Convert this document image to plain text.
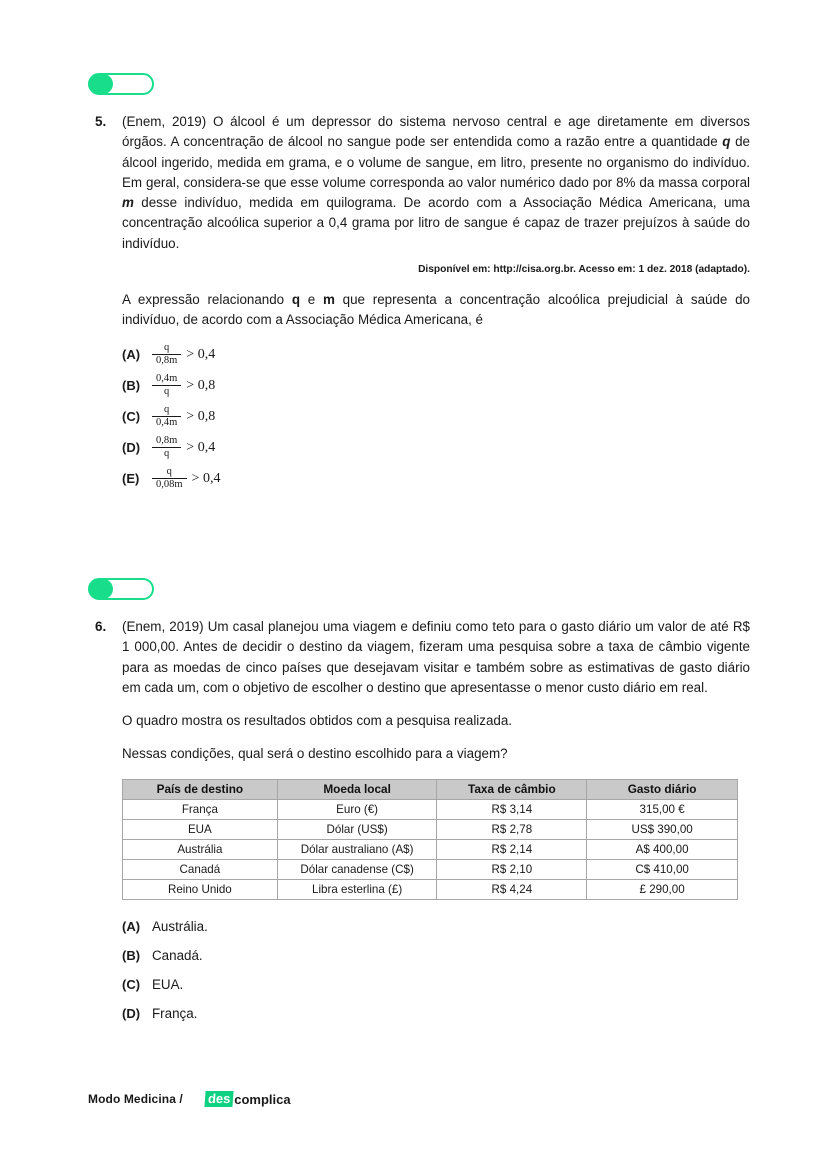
5.	(Enem, 2019) O álcool é um depressor do sistema nervoso central e age diretamente em diversos órgãos. A concentração de álcool no sangue pode ser entendida como a razão entre a quantidade q de álcool ingerido, medida em grama, e o volume de sangue, em litro, presente no organismo do indivíduo. Em geral, considera-se que esse volume corresponda ao valor numérico dado por 8% da massa corporal m desse indivíduo, medida em quilograma. De acordo com a Associação Médica Americana, uma concentração alcoólica superior a 0,4 grama por litro de sangue é capaz de trazer prejuízos à saúde do indivíduo.

Disponível em: http://cisa.org.br. Acesso em: 1 dez. 2018 (adaptado).

A expressão relacionando q e m que representa a concentração alcoólica prejudicial à saúde do indivíduo, de acordo com a Associação Médica Americana, é

(A)	$\frac{q}{0,8m} > 0,4$
(B)	$\frac{0,4m}{q} > 0,8$
(C)	$\frac{q}{0,4m} > 0,8$
(D)	$\frac{0,8m}{q} > 0,4$
(E)	$\frac{q}{0,08m} > 0,4$
6.	(Enem, 2019) Um casal planejou uma viagem e definiu como teto para o gasto diário um valor de até R$ 1 000,00. Antes de decidir o destino da viagem, fizeram uma pesquisa sobre a taxa de câmbio vigente para as moedas de cinco países que desejavam visitar e também sobre as estimativas de gasto diário em cada um, com o objetivo de escolher o destino que apresentasse o menor custo diário em real.

O quadro mostra os resultados obtidos com a pesquisa realizada.

Nessas condições, qual será o destino escolhido para a viagem?

País de destino	Moeda local	Taxa de câmbio	Gasto diário
França	Euro (€)	R$ 3,14	315,00 €
EUA	Dólar (US$)	R$ 2,78	US$ 390,00
Austrália	Dólar australiano (A$)	R$ 2,14	A$ 400,00
Canadá	Dólar canadense (C$)	R$ 2,10	C$ 410,00
Reino Unido	Libra esterlina (£)	R$ 4,24	£ 290,00
(A) Austrália.
(B) Canadá.
(C) EUA.
(D) França.
Modo Medicina / des complica
